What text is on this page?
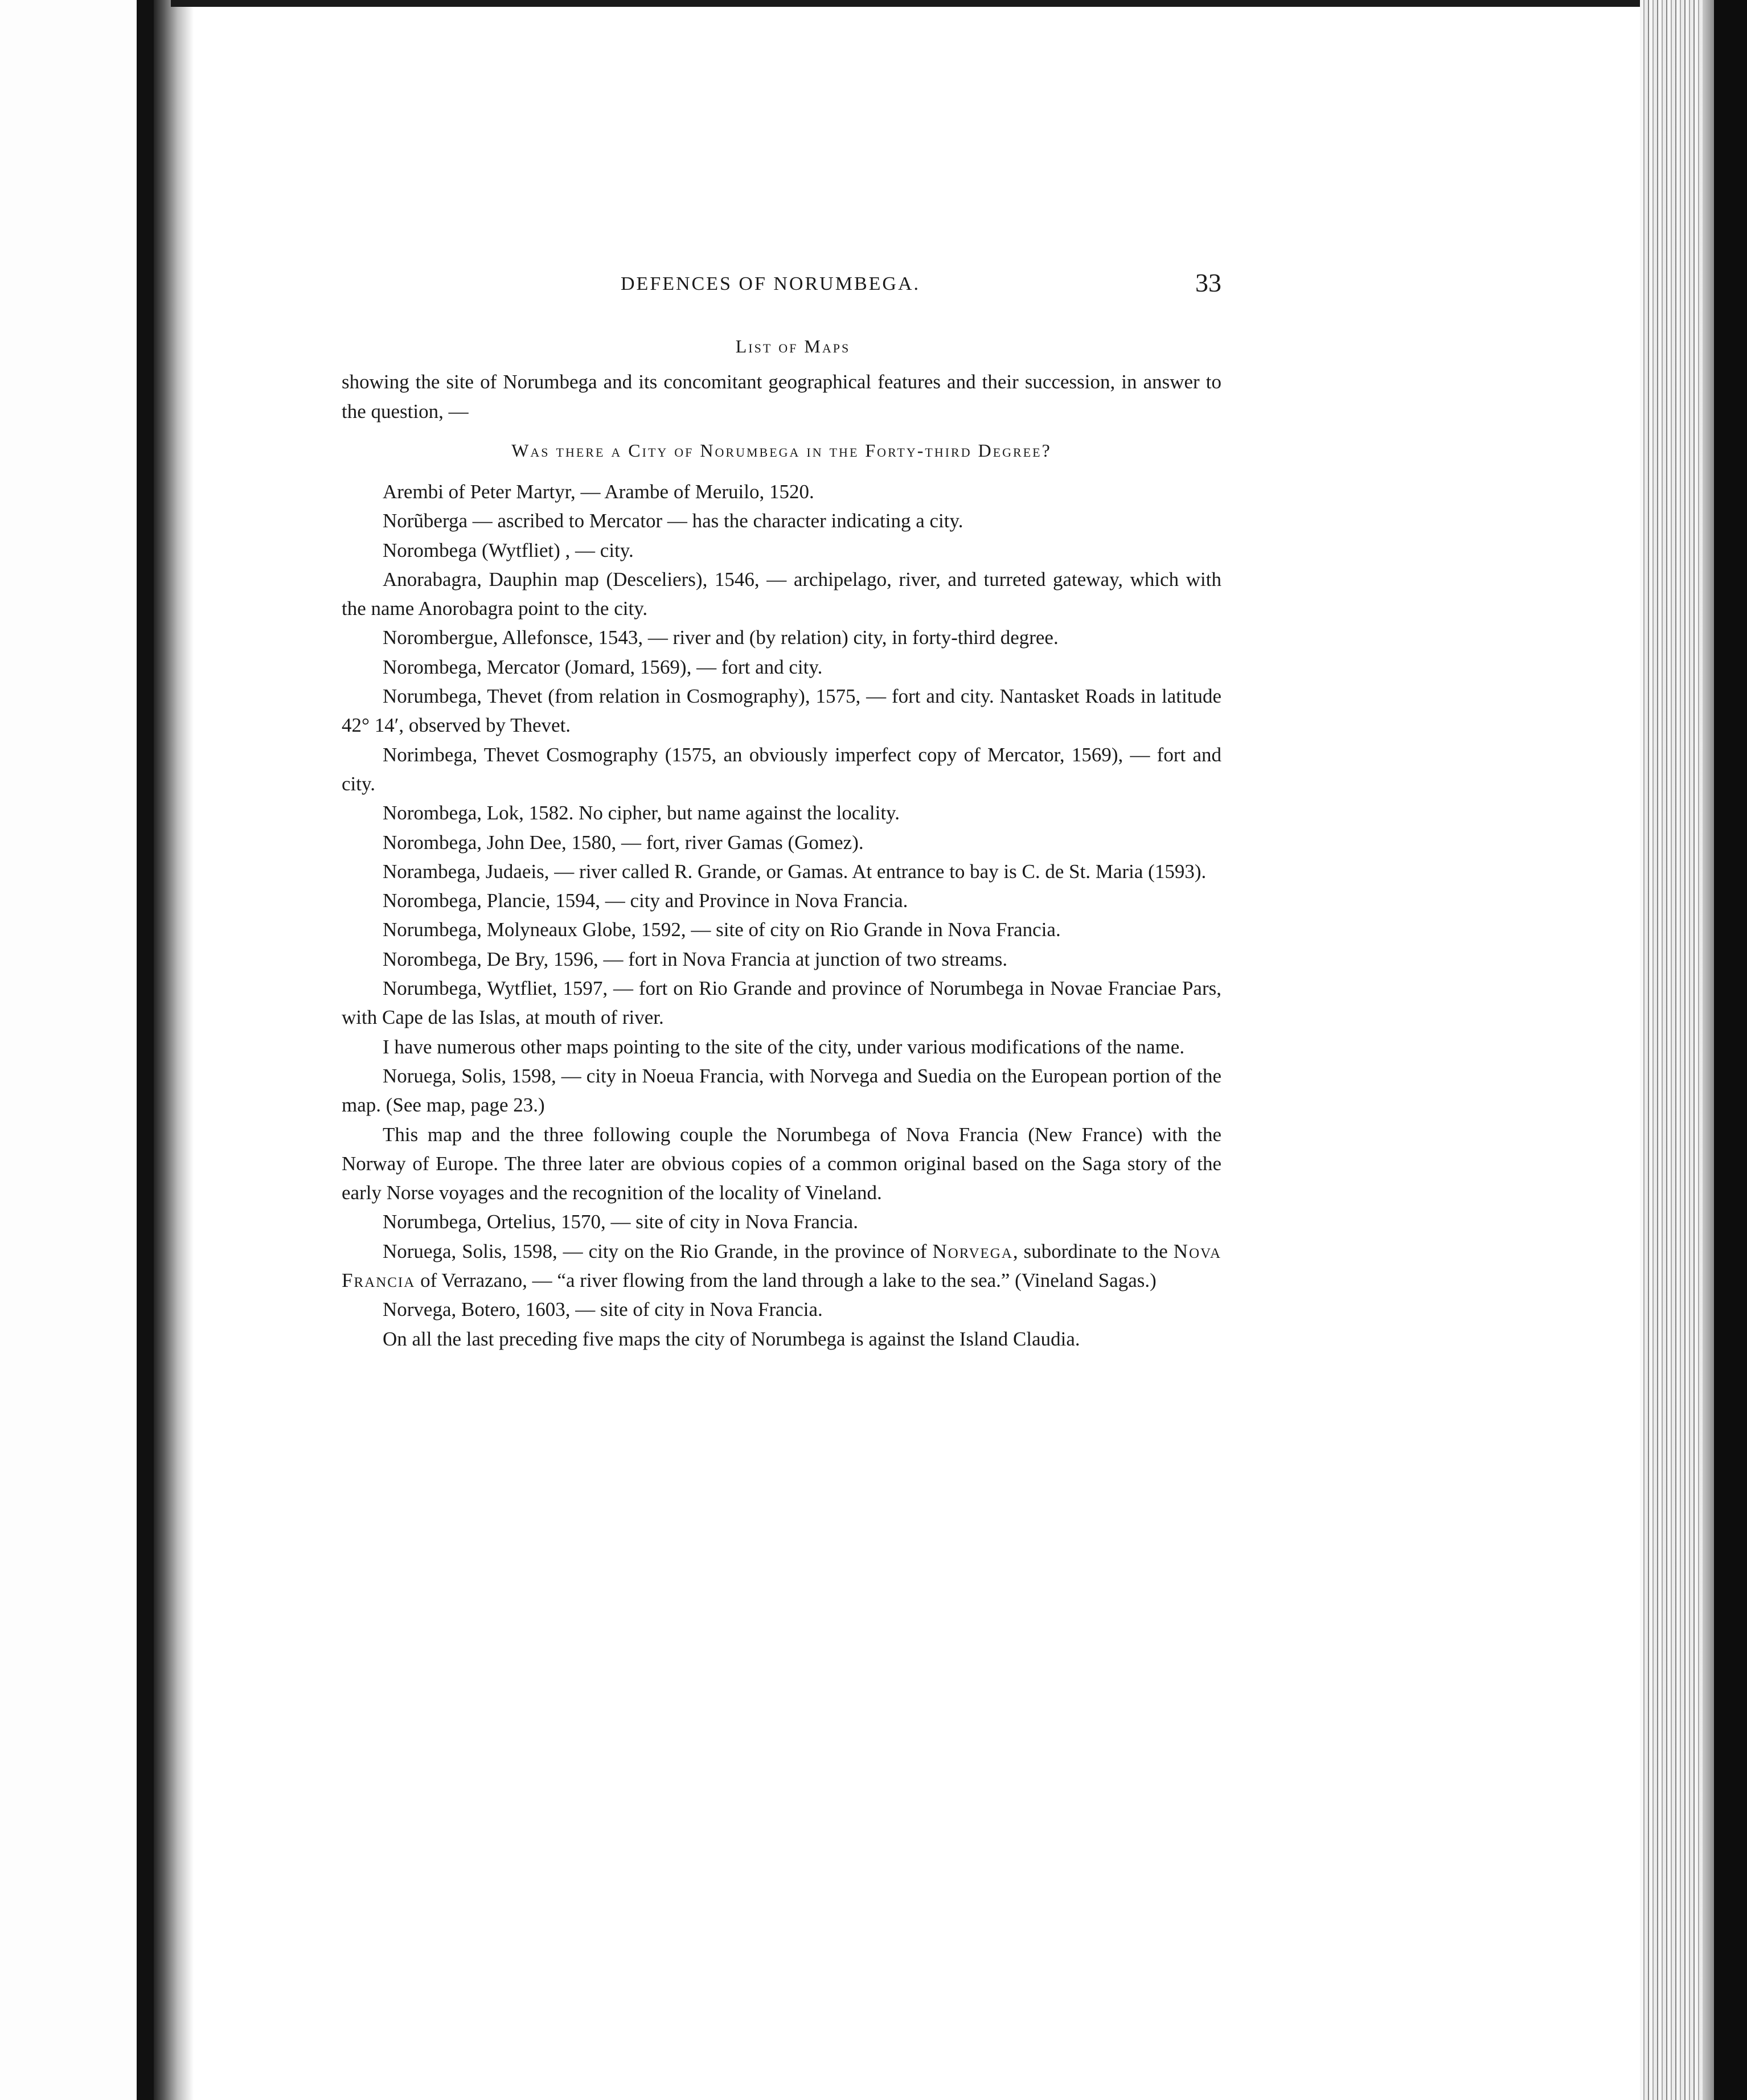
DEFENCES OF NORUMBEGA.	33
List of Maps

showing the site of Norumbega and its concomitant geographical features and their succession, in answer to the question, —

Was there a City of Norumbega in the Forty-third Degree?

Arembi of Peter Martyr, — Arambe of Meruilo, 1520.

Norũberga — ascribed to Mercator — has the character indicating a city.

Norombega (Wytfliet) , — city.

Anorabagra, Dauphin map (Desceliers), 1546, — archipelago, river, and turreted gateway, which with the name Anorobagra point to the city.

Norombergue, Allefonsce, 1543, — river and (by relation) city, in forty-third degree.

Norombega, Mercator (Jomard, 1569), — fort and city.

Norumbega, Thevet (from relation in Cosmography), 1575, — fort and city. Nantasket Roads in latitude 42° 14′, observed by Thevet.

Norimbega, Thevet Cosmography (1575, an obviously imperfect copy of Mercator, 1569), — fort and city.

Norombega, Lok, 1582. No cipher, but name against the locality.

Norombega, John Dee, 1580, — fort, river Gamas (Gomez).

Norambega, Judaeis, — river called R. Grande, or Gamas. At entrance to bay is C. de St. Maria (1593).

Norombega, Plancie, 1594, — city and Province in Nova Francia.

Norumbega, Molyneaux Globe, 1592, — site of city on Rio Grande in Nova Francia.

Norombega, De Bry, 1596, — fort in Nova Francia at junction of two streams.

Norumbega, Wytfliet, 1597, — fort on Rio Grande and province of Norumbega in Novae Franciae Pars, with Cape de las Islas, at mouth of river.

I have numerous other maps pointing to the site of the city, under various modifications of the name.

Noruega, Solis, 1598, — city in Noeua Francia, with Norvega and Suedia on the European portion of the map. (See map, page 23.)

This map and the three following couple the Norumbega of Nova Francia (New France) with the Norway of Europe. The three later are obvious copies of a common original based on the Saga story of the early Norse voyages and the recognition of the locality of Vineland.

Norumbega, Ortelius, 1570, — site of city in Nova Francia.

Noruega, Solis, 1598, — city on the Rio Grande, in the province of Norvega, subordinate to the Nova Francia of Verrazano, — “a river flowing from the land through a lake to the sea.” (Vineland Sagas.)

Norvega, Botero, 1603, — site of city in Nova Francia.

On all the last preceding five maps the city of Norumbega is against the Island Claudia.
